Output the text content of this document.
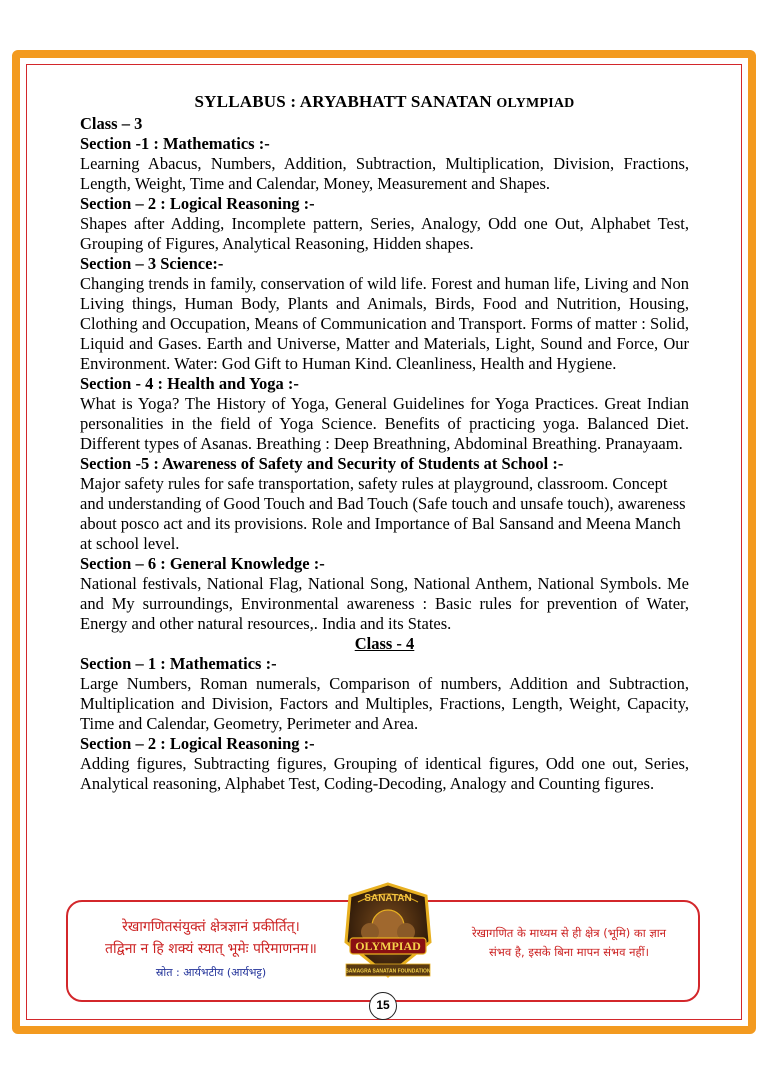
SYLLABUS : ARYABHATT SANATAN OLYMPIAD

Class – 3

Section -1 : Mathematics :-

Learning Abacus, Numbers, Addition, Subtraction, Multiplication, Division, Fractions, Length, Weight, Time and Calendar, Money, Measurement and Shapes.

Section – 2 : Logical Reasoning :-

Shapes after Adding, Incomplete pattern, Series, Analogy, Odd one Out, Alphabet Test, Grouping of Figures, Analytical Reasoning, Hidden shapes.

Section – 3 Science:-

Changing trends in family, conservation of wild life. Forest and human life, Living and Non Living things, Human Body, Plants and Animals, Birds, Food and Nutrition, Housing, Clothing and Occupation, Means of Communication and Transport. Forms of matter : Solid, Liquid and Gases. Earth and Universe, Matter and Materials, Light, Sound and Force, Our Environment. Water: God Gift to Human Kind. Cleanliness, Health and Hygiene.

Section - 4 : Health and Yoga :-

What is Yoga? The History of Yoga, General Guidelines for Yoga Practices. Great Indian personalities in the field of Yoga Science. Benefits of practicing yoga. Balanced Diet. Different types of Asanas. Breathing : Deep Breathning, Abdominal Breathing. Pranayaam.

Section -5 : Awareness of Safety and Security of Students at School :-

Major safety rules for safe transportation, safety rules at playground, classroom. Concept and understanding of Good Touch and Bad Touch (Safe touch and unsafe touch), awareness about posco act and its provisions. Role and Importance of Bal Sansand and Meena Manch at school level.

Section – 6 : General Knowledge :-

National festivals, National Flag, National Song, National Anthem, National Symbols. Me and My surroundings, Environmental awareness : Basic rules for prevention of Water, Energy and other natural resources,. India and its States.

Class - 4

Section – 1 : Mathematics :-

Large Numbers, Roman numerals, Comparison of numbers, Addition and Subtraction, Multiplication and Division, Factors and Multiples, Fractions, Length, Weight, Capacity, Time and Calendar, Geometry, Perimeter and Area.

Section – 2 : Logical Reasoning :-

Adding figures, Subtracting figures, Grouping of identical figures, Odd one out, Series, Analytical reasoning, Alphabet Test, Coding-Decoding, Analogy and Counting figures.

रेखागणितसंयुक्तं क्षेत्रज्ञानं प्रकीर्तित्।
तद्विना न हि शक्यं स्यात् भूमेः परिमाणनम॥
स्रोत : आर्यभटीय (आर्यभट्ट)
SANATAN
OLYMPIAD
SAMAGRA SANATAN FOUNDATION
रेखागणित के माध्यम से ही क्षेत्र (भूमि) का ज्ञान
संभव है, इसके बिना मापन संभव नहीं।
15
